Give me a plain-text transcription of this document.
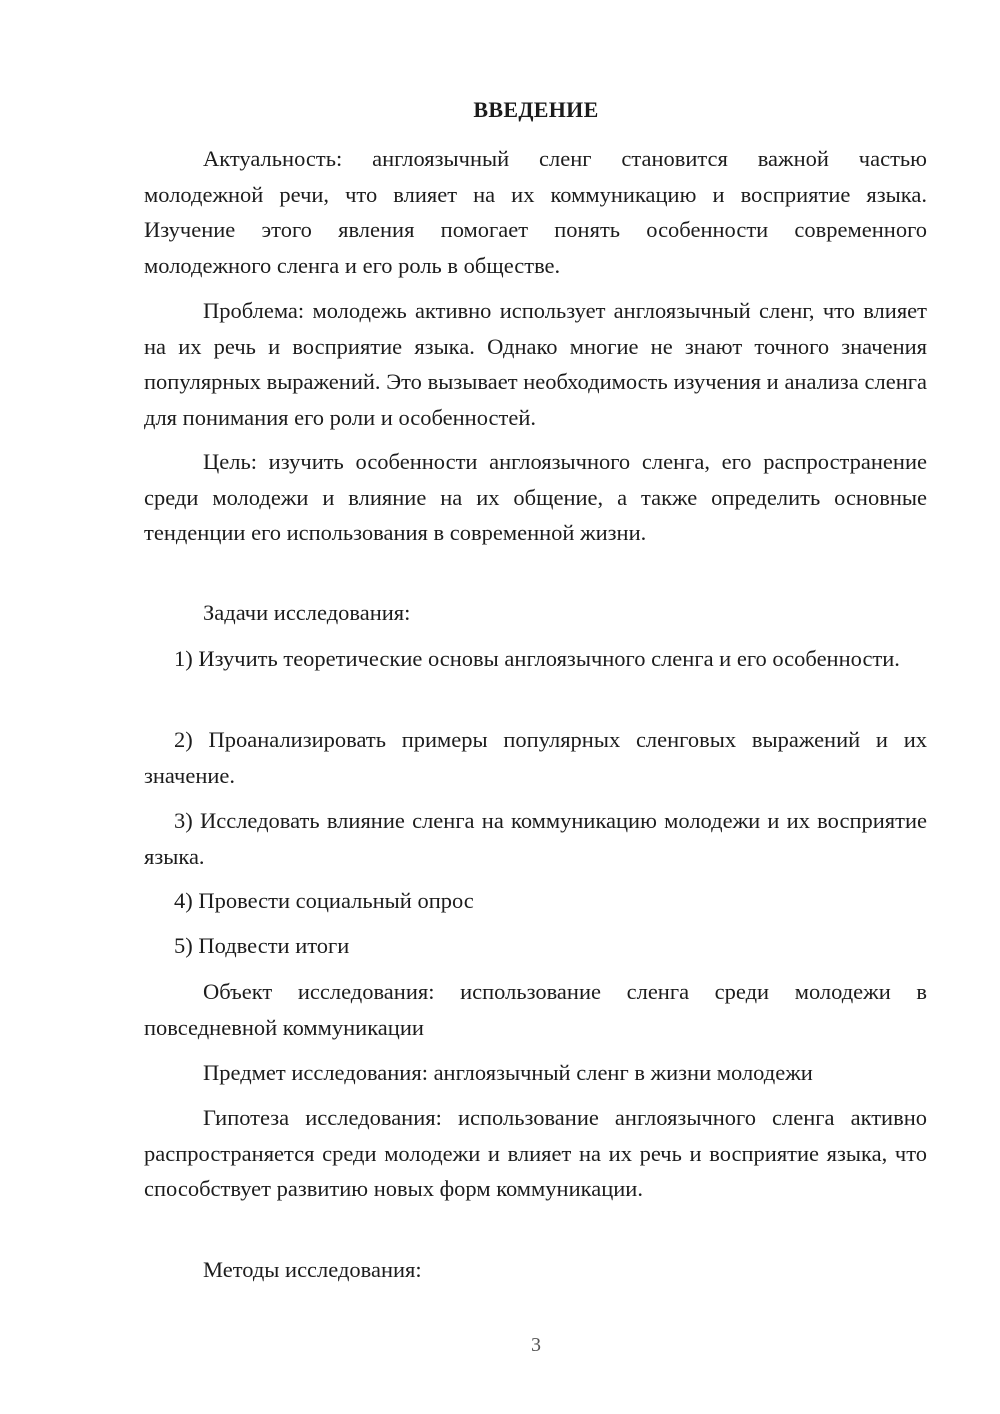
ВВЕДЕНИЕ

Актуальность: англоязычный сленг становится важной частью молодежной речи, что влияет на их коммуникацию и восприятие языка. Изучение этого явления помогает понять особенности современного молодежного сленга и его роль в обществе.

Проблема: молодежь активно использует англоязычный сленг, что влияет на их речь и восприятие языка. Однако многие не знают точного значения популярных выражений. Это вызывает необходимость изучения и анализа сленга для понимания его роли и особенностей.

Цель: изучить особенности англоязычного сленга, его распространение среди молодежи и влияние на их общение, а также определить основные тенденции его использования в современной жизни.

Задачи исследования:

1) Изучить теоретические основы англоязычного сленга и его особенности.

2) Проанализировать примеры популярных сленговых выражений и их значение.

3) Исследовать влияние сленга на коммуникацию молодежи и их восприятие языка.

4) Провести социальный опрос

5) Подвести итоги

Объект исследования: использование сленга среди молодежи в повседневной коммуникации

Предмет исследования: англоязычный сленг в жизни молодежи

Гипотеза исследования: использование англоязычного сленга активно распространяется среди молодежи и влияет на их речь и восприятие языка, что способствует развитию новых форм коммуникации.

Методы исследования:

3
